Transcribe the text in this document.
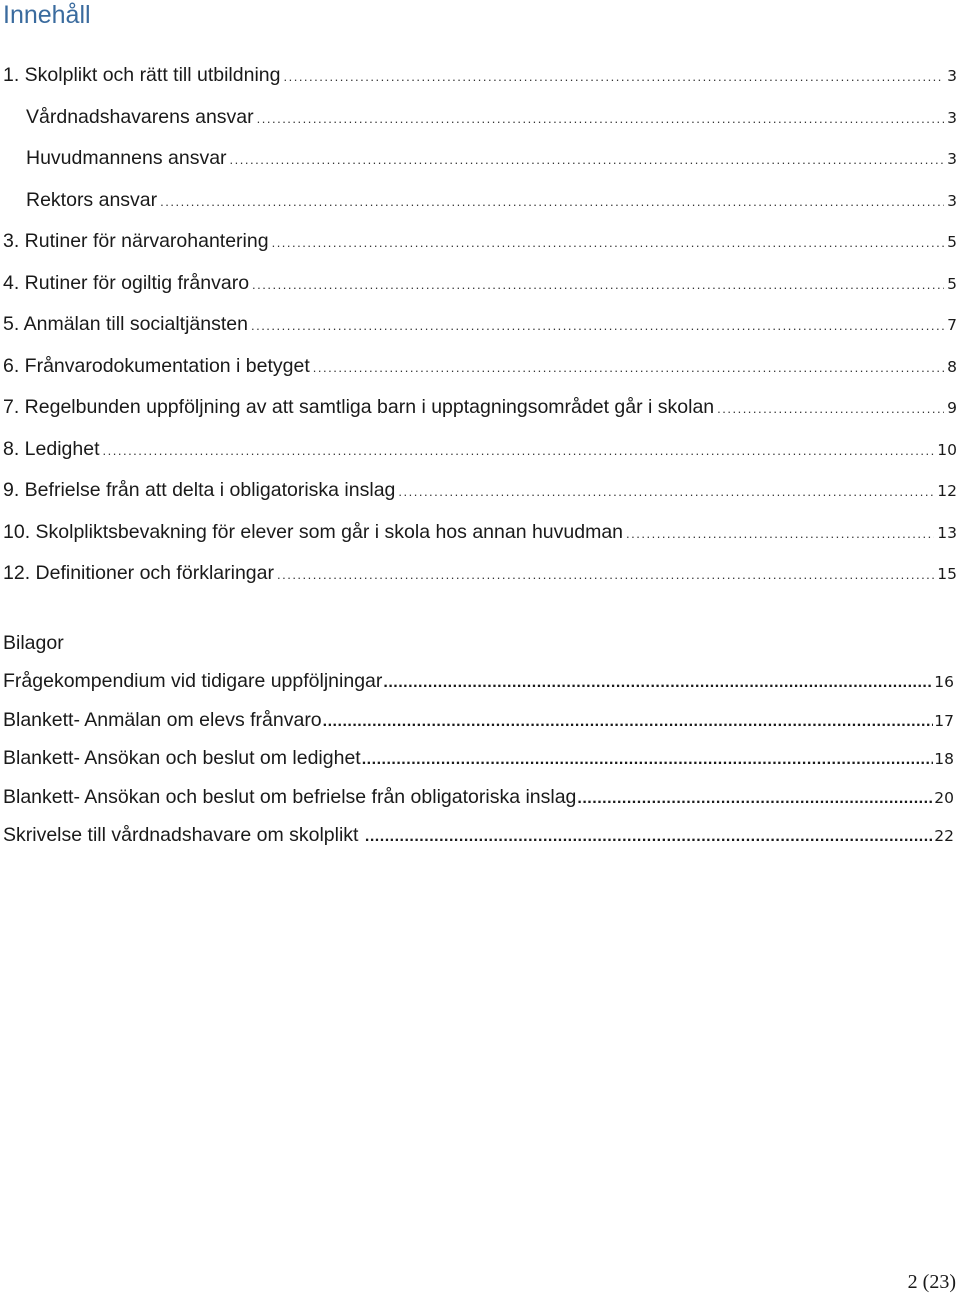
Innehåll
1. Skolplikt och rätt till utbildning .....	3
Vårdnadshavarens ansvar .....	3
Huvudmannens ansvar .....	3
Rektors ansvar .....	3
3. Rutiner för närvarohantering .....	5
4. Rutiner för ogiltig frånvaro .....	5
5. Anmälan till socialtjänsten .....	7
6. Frånvarodokumentation i betyget .....	8
7. Regelbunden uppföljning av att samtliga barn i upptagningsområdet går i skolan .....	9
8. Ledighet .....	10
9. Befrielse från att delta i obligatoriska inslag .....	12
10. Skolpliktsbevakning för elever som går i skola hos annan huvudman .....	13
12. Definitioner och förklaringar .....	15
Bilagor
Frågekompendium vid tidigare uppföljningar .....	16
Blankett- Anmälan om elevs frånvaro .....	17
Blankett- Ansökan och beslut om ledighet .....	18
Blankett- Ansökan och beslut om befrielse från obligatoriska inslag .....	20
Skrivelse till vårdnadshavare om skolplikt .....	22
2 (23)
